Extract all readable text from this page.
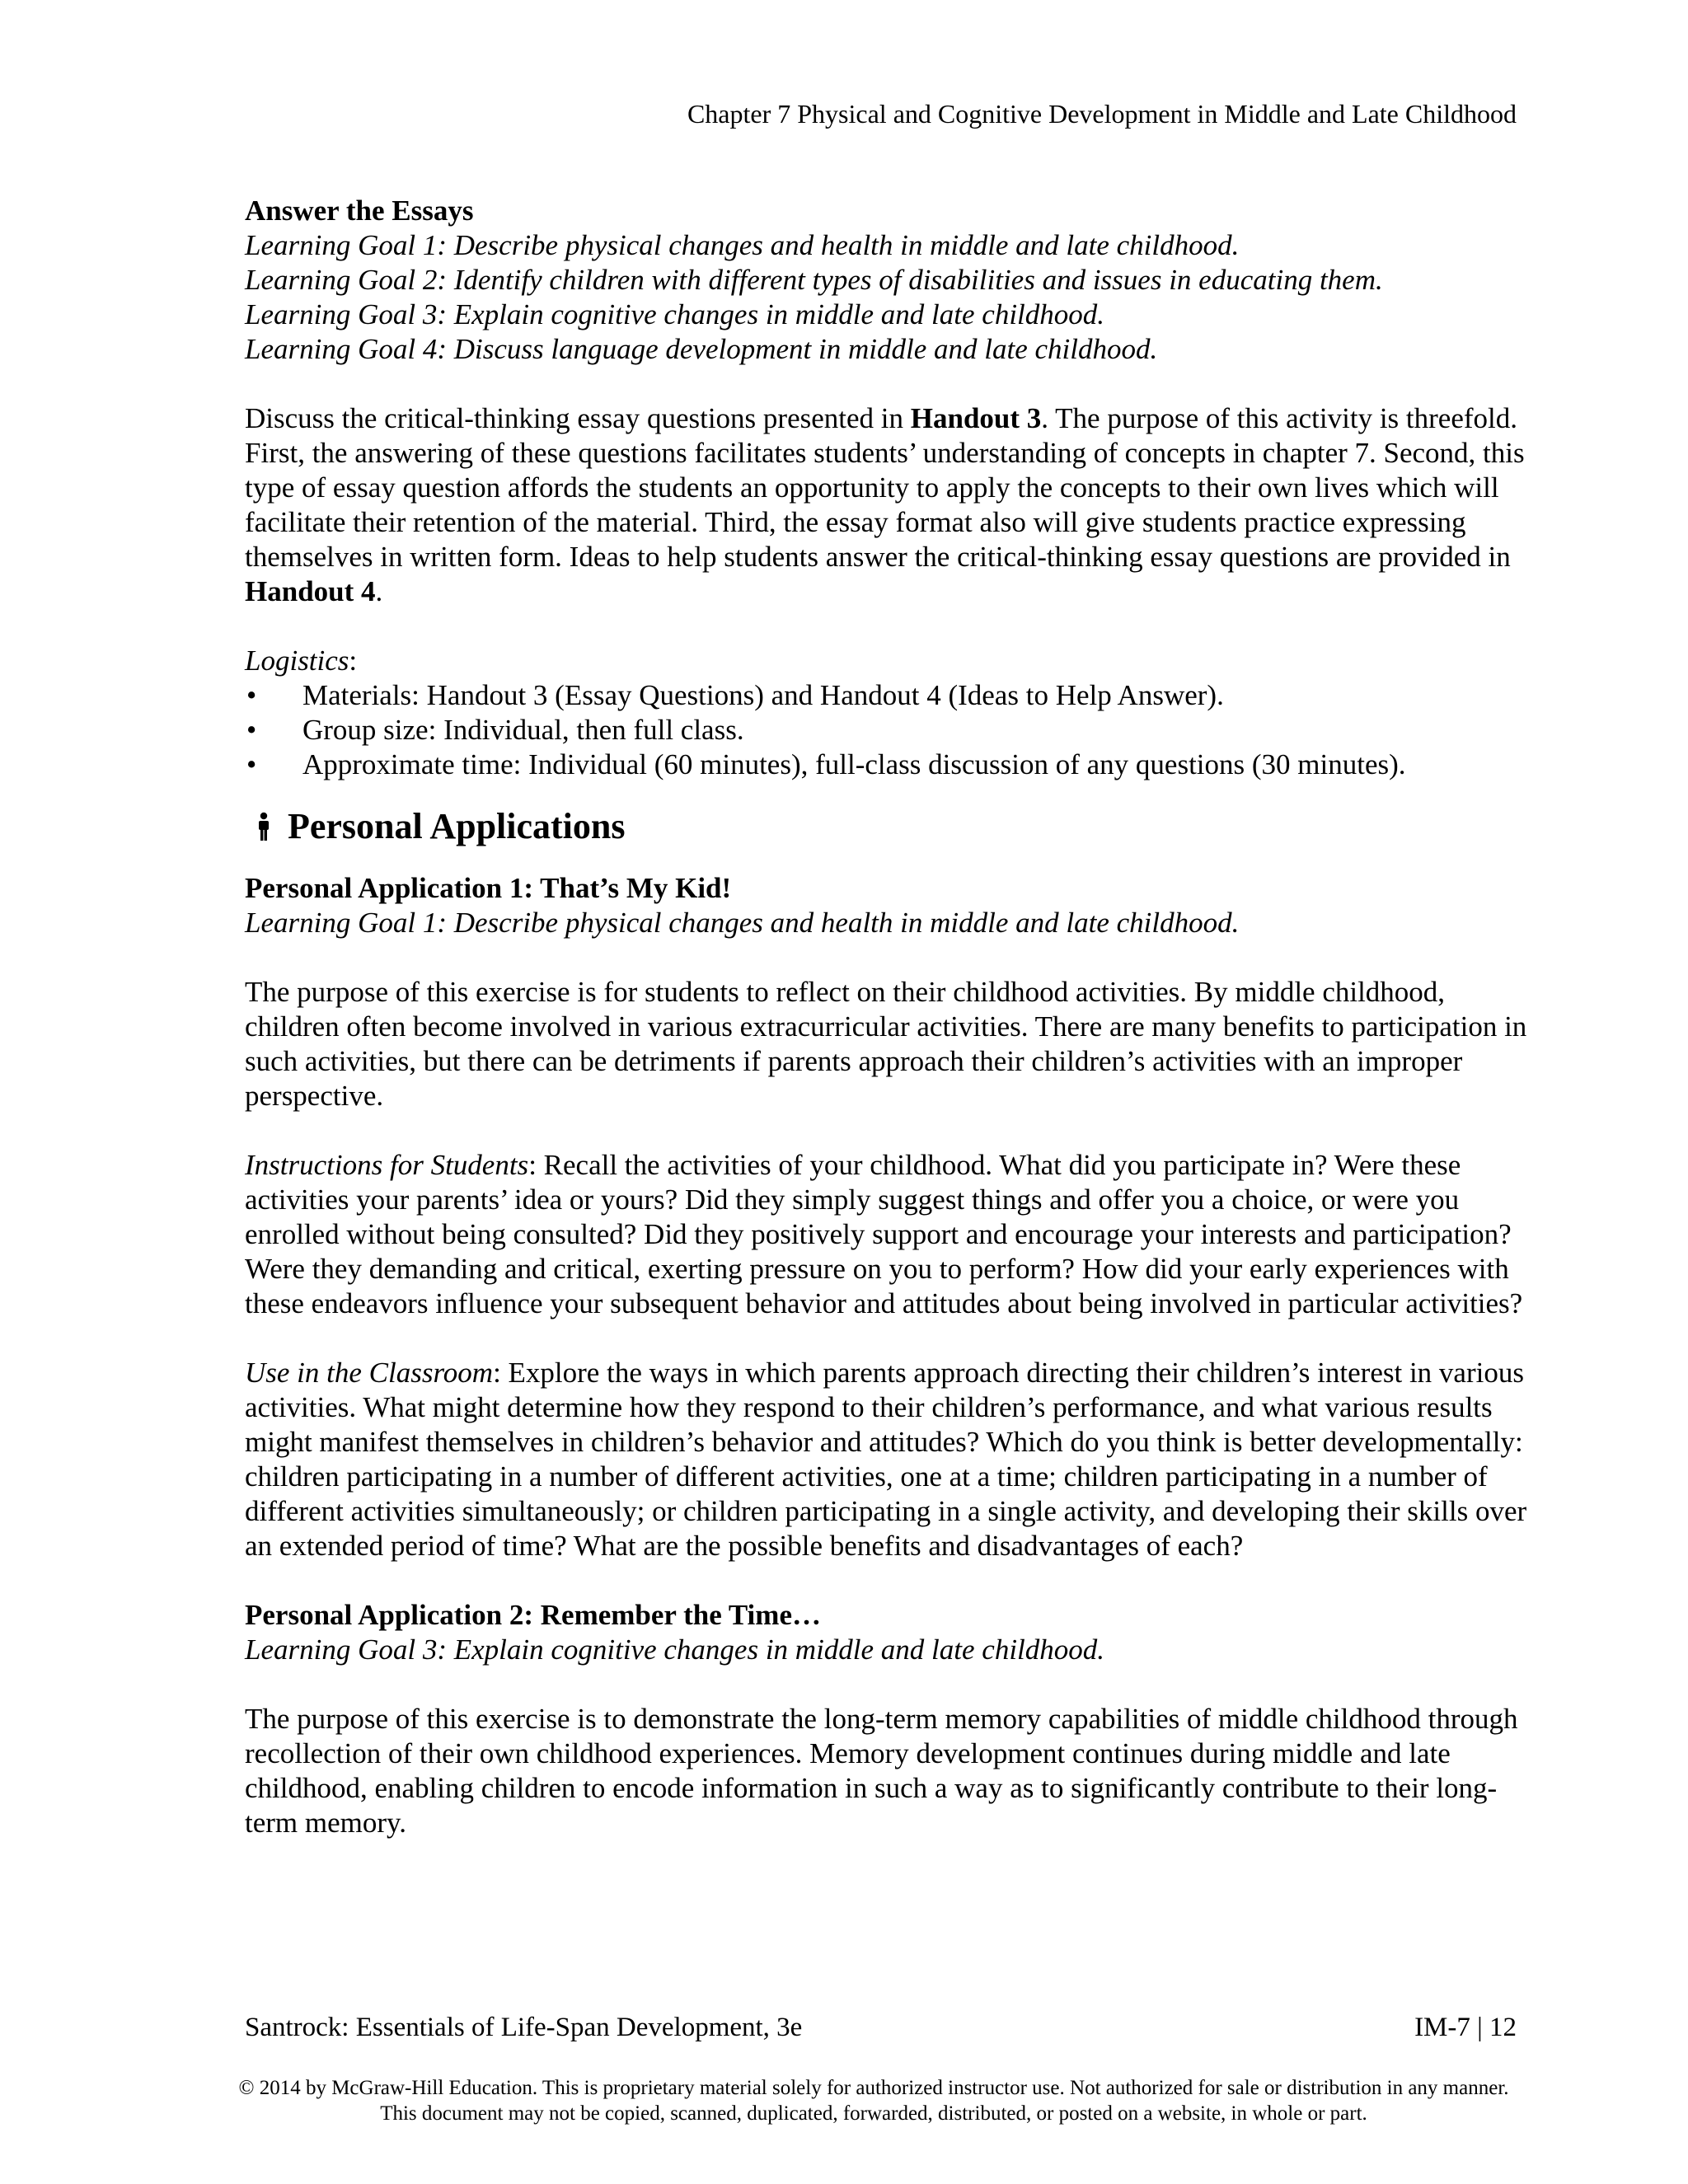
Chapter 7 Physical and Cognitive Development in Middle and Late Childhood

Answer the Essays

Learning Goal 1: Describe physical changes and health in middle and late childhood.

Learning Goal 2: Identify children with different types of disabilities and issues in educating them.

Learning Goal 3: Explain cognitive changes in middle and late childhood.

Learning Goal 4: Discuss language development in middle and late childhood.

Discuss the critical-thinking essay questions presented in Handout 3. The purpose of this activity is threefold. First, the answering of these questions facilitates students’ understanding of concepts in chapter 7. Second, this type of essay question affords the students an opportunity to apply the concepts to their own lives which will facilitate their retention of the material. Third, the essay format also will give students practice expressing themselves in written form. Ideas to help students answer the critical-thinking essay questions are provided in Handout 4.

Logistics:

• Materials: Handout 3 (Essay Questions) and Handout 4 (Ideas to Help Answer).
• Group size: Individual, then full class.
• Approximate time: Individual (60 minutes), full-class discussion of any questions (30 minutes).
Personal Applications

Personal Application 1: That’s My Kid!

Learning Goal 1: Describe physical changes and health in middle and late childhood.

The purpose of this exercise is for students to reflect on their childhood activities. By middle childhood, children often become involved in various extracurricular activities. There are many benefits to participation in such activities, but there can be detriments if parents approach their children’s activities with an improper perspective.

Instructions for Students: Recall the activities of your childhood. What did you participate in? Were these activities your parents’ idea or yours? Did they simply suggest things and offer you a choice, or were you enrolled without being consulted? Did they positively support and encourage your interests and participation? Were they demanding and critical, exerting pressure on you to perform? How did your early experiences with these endeavors influence your subsequent behavior and attitudes about being involved in particular activities?

Use in the Classroom: Explore the ways in which parents approach directing their children’s interest in various activities. What might determine how they respond to their children’s performance, and what various results might manifest themselves in children’s behavior and attitudes? Which do you think is better developmentally: children participating in a number of different activities, one at a time; children participating in a number of different activities simultaneously; or children participating in a single activity, and developing their skills over an extended period of time? What are the possible benefits and disadvantages of each?

Personal Application 2: Remember the Time…

Learning Goal 3: Explain cognitive changes in middle and late childhood.

The purpose of this exercise is to demonstrate the long-term memory capabilities of middle childhood through recollection of their own childhood experiences. Memory development continues during middle and late childhood, enabling children to encode information in such a way as to significantly contribute to their long-term memory.

Santrock: Essentials of Life-Span Development, 3e	IM-7 | 12
© 2014 by McGraw-Hill Education. This is proprietary material solely for authorized instructor use. Not authorized for sale or distribution in any manner. This document may not be copied, scanned, duplicated, forwarded, distributed, or posted on a website, in whole or part.
